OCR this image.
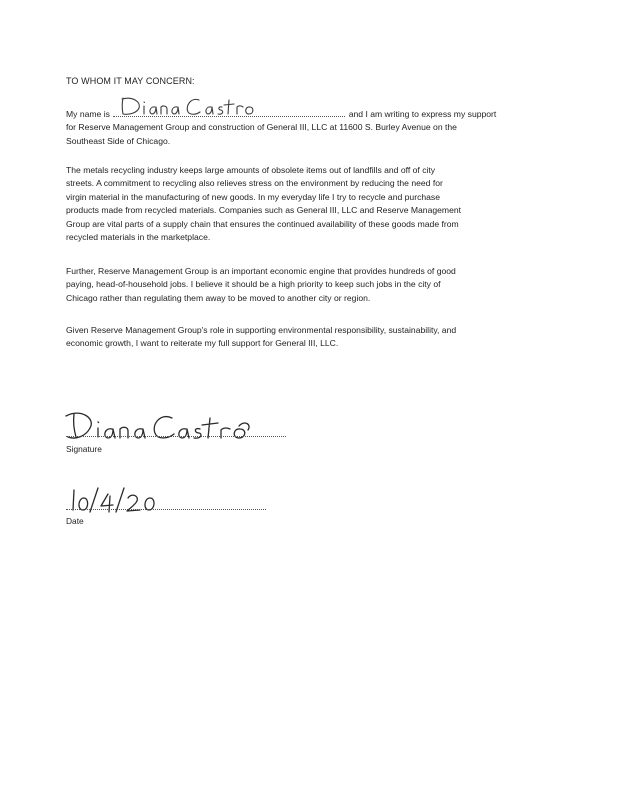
TO WHOM IT MAY CONCERN:

My name is	and I am writing to express my support
for Reserve Management Group and construction of General III, LLC at 11600 S. Burley Avenue on the
Southeast Side of Chicago.

The metals recycling industry keeps large amounts of obsolete items out of landfills and off of city
streets. A commitment to recycling also relieves stress on the environment by reducing the need for
virgin material in the manufacturing of new goods. In my everyday life I try to recycle and purchase
products made from recycled materials. Companies such as General III, LLC and Reserve Management
Group are vital parts of a supply chain that ensures the continued availability of these goods made from
recycled materials in the marketplace.

Further, Reserve Management Group is an important economic engine that provides hundreds of good
paying, head-of-household jobs. I believe it should be a high priority to keep such jobs in the city of
Chicago rather than regulating them away to be moved to another city or region.

Given Reserve Management Group's role in supporting environmental responsibility, sustainability, and
economic growth, I want to reiterate my full support for General III, LLC.

Signature
Date
